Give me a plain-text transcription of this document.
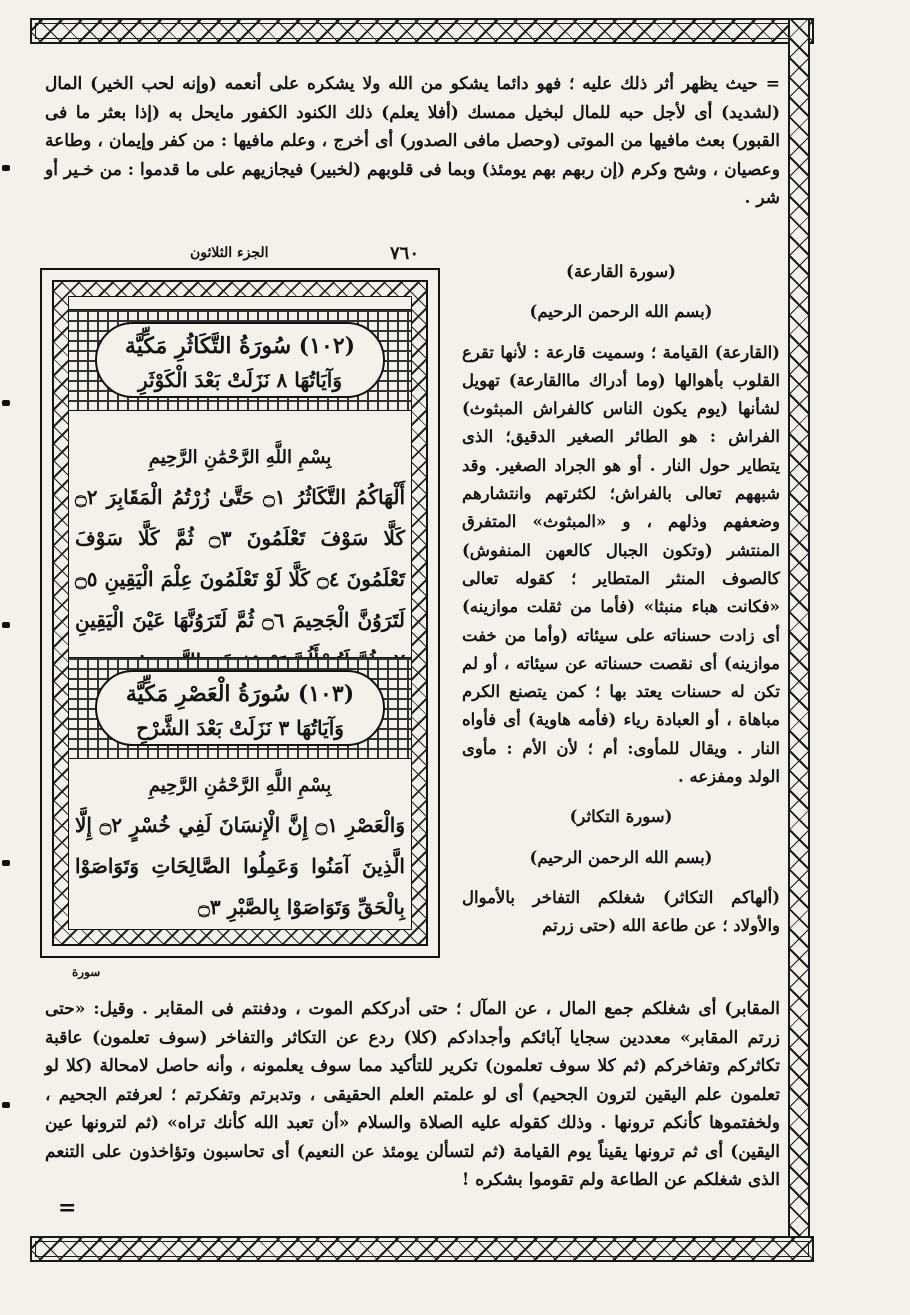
= حيث يظهر أثر ذلك عليه ؛ فهو دائما يشكو من الله ولا يشكره على أنعمه (وإنه لحب الخير) المال (لشديد) أى لأجل حبه للمال لبخيل ممسك (أفلا يعلم) ذلك الكنود الكفور مايحل به (إذا بعثر ما فى القبور) بعث مافيها من الموتى (وحصل مافى الصدور) أى أخرج ، وعلم مافيها : من كفر وإيمان ، وطاعة وعصيان ، وشح وكرم (إن ربهم بهم يومئذ) وبما فى قلوبهم (لخبير) فيجازيهم على ما قدموا : من خـير أو شر .
الجزء الثلاثون	٧٦٠
(١٠٢) سُورَةُ التَّكَاثُرِ مَكِّيَّة
وَآيَاتُهَا ٨ نَزَلَتْ بَعْدَ الْكَوْثَرِ
بِسْمِ اللَّهِ الرَّحْمَٰنِ الرَّحِيمِ
أَلْهَاكُمُ التَّكَاثُرُ ۝١ حَتَّىٰ زُرْتُمُ الْمَقَابِرَ ۝٢ كَلَّا سَوْفَ تَعْلَمُونَ ۝٣ ثُمَّ كَلَّا سَوْفَ تَعْلَمُونَ ۝٤ كَلَّا لَوْ تَعْلَمُونَ عِلْمَ الْيَقِينِ ۝٥ لَتَرَوُنَّ الْجَحِيمَ ۝٦ ثُمَّ لَتَرَوُنَّهَا عَيْنَ الْيَقِينِ
(١٠٣) سُورَةُ الْعَصْرِ مَكِّيَّة
وَآيَاتُهَا ٣ نَزَلَتْ بَعْدَ الشَّرْحِ
بِسْمِ اللَّهِ الرَّحْمَٰنِ الرَّحِيمِ
وَالْعَصْرِ ۝١ إِنَّ الْإِنسَانَ لَفِي خُسْرٍ ۝٢ إِلَّا الَّذِينَ آمَنُوا وَعَمِلُوا الصَّالِحَاتِ وَتَوَاصَوْا بِالْحَقِّ وَتَوَاصَوْا بِالصَّبْرِ ۝٣
سورة
(سورة القارعة)
(بسم الله الرحمن الرحيم)
(القارعة) القيامة ؛ وسميت قارعة : لأنها تقرع القلوب بأهوالها (وما أدراك ماالقارعة) تهويل لشأنها (يوم يكون الناس كالفراش المبثوث) الفراش : هو الطائر الصغير الدقيق؛ الذى يتطاير حول النار . أو هو الجراد الصغير. وقد شبههم تعالى بالفراش؛ لكثرتهم وانتشارهم وضعفهم وذلهم ، و «المبثوث» المتفرق المنتشر (وتكون الجبال كالعهن المنفوش) كالصوف المنثر المتطاير ؛ كقوله تعالى «فكانت هباء منبثا» (فأما من ثقلت موازينه) أى زادت حسناته على سيئاته (وأما من خفت موازينه) أى نقصت حسناته عن سيئاته ، أو لم تكن له حسنات يعتد بها ؛ كمن يتصنع الكرم مباهاة ، أو العبادة رياء (فأمه هاوية) أى فأواه النار . ويقال للمأوى: أم ؛ لأن الأم : مأوى الولد ومفزعه .
(سورة التكاثر)
(بسم الله الرحمن الرحيم)
(ألهاكم التكاثر) شغلكم التفاخر بالأموال والأولاد ؛ عن طاعة الله (حتى زرتم
المقابر) أى شغلكم جمع المال ، عن المآل ؛ حتى أدرككم الموت ، ودفنتم فى المقابر . وقيل: «حتى زرتم المقابر» معددين سجايا آبائكم وأجدادكم (كلا) ردع عن التكاثر والتفاخر (سوف تعلمون) عاقبة تكاثركم وتفاخركم (ثم كلا سوف تعلمون) تكرير للتأكيد مما سوف يعلمونه ، وأنه حاصل لامحالة (كلا لو تعلمون علم اليقين لترون الجحيم) أى لو علمتم العلم الحقيقى ، وتدبرتم وتفكرتم ؛ لعرفتم الجحيم ، ولخفتموها كأنكم ترونها . وذلك كقوله عليه الصلاة والسلام «أن تعبد الله كأنك تراه» (ثم لترونها عين اليقين) أى ثم ترونها يقيناً يوم القيامة (ثم لتسألن يومئذ عن النعيم) أى تحاسبون وتؤاخذون على التنعم الذى شغلكم عن الطاعة ولم تقوموا بشكره !
=
